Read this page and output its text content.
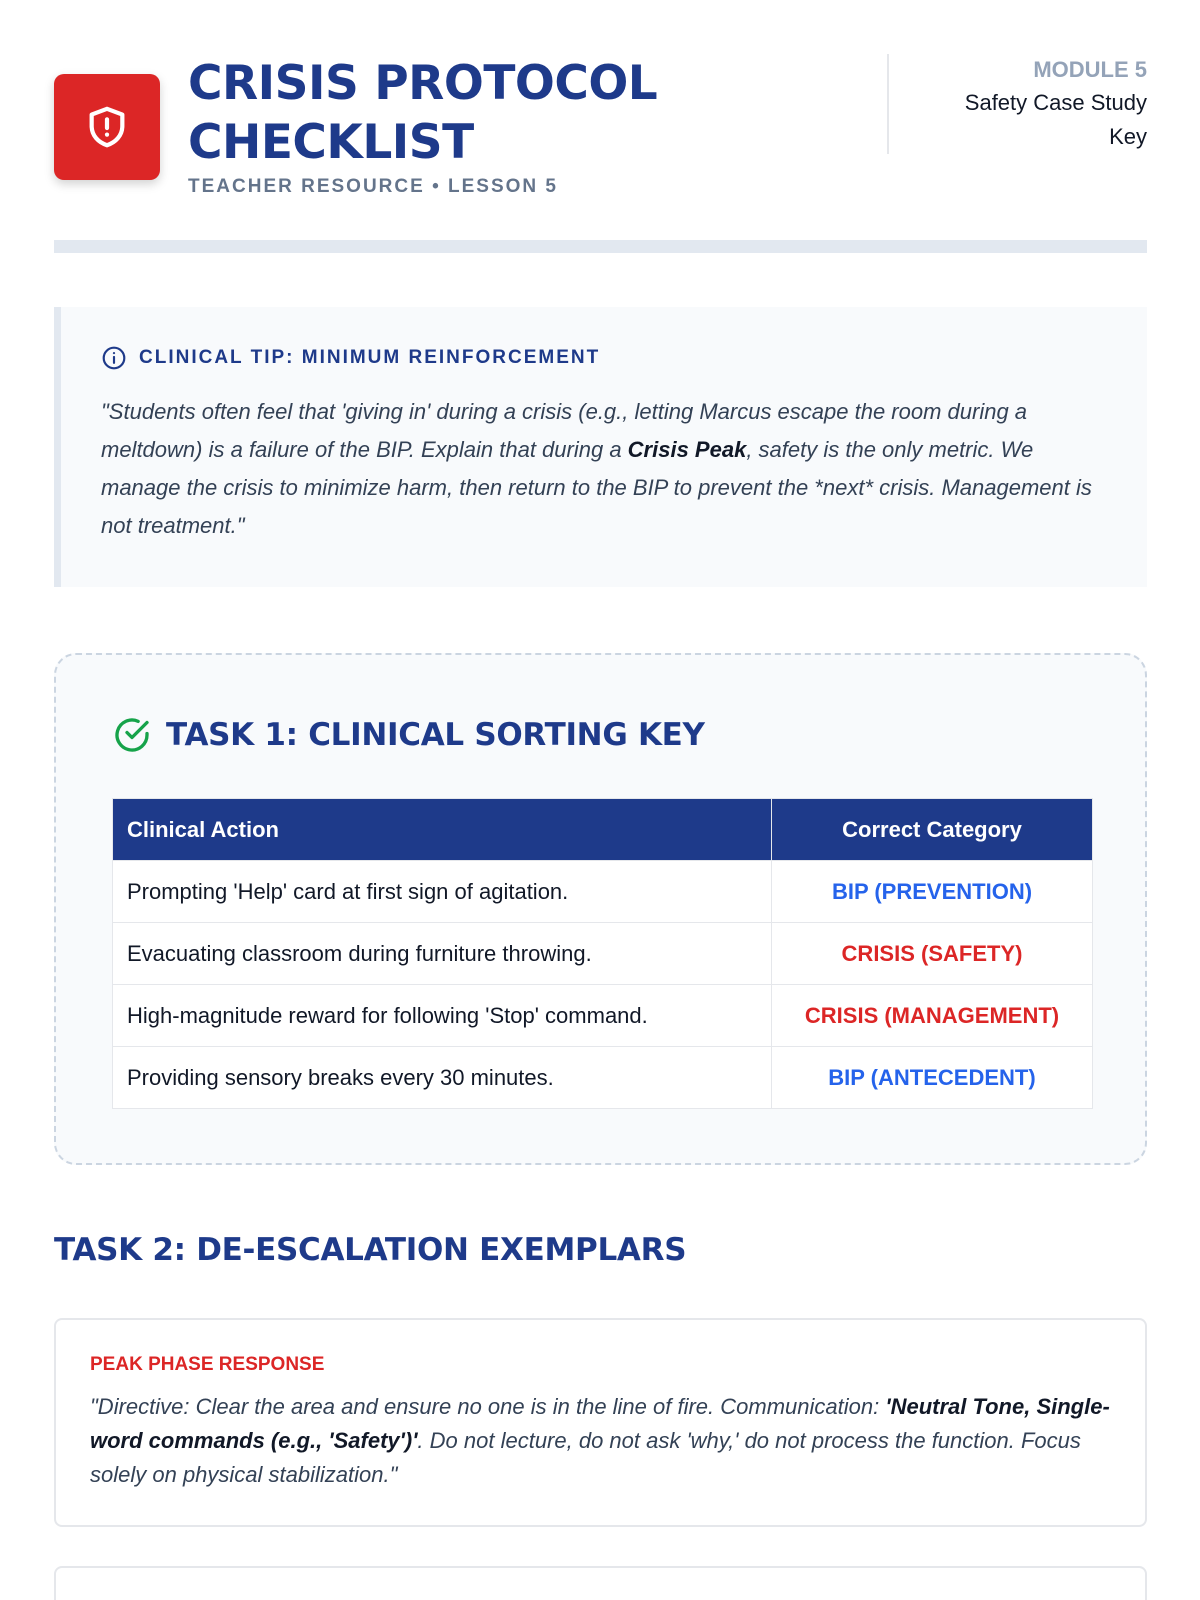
CRISIS PROTOCOL
CHECKLIST
TEACHER RESOURCE • LESSON 5
MODULE 5
Safety Case Study
Key
CLINICAL TIP: MINIMUM REINFORCEMENT

"Students often feel that 'giving in' during a crisis (e.g., letting Marcus escape the room during a meltdown) is a failure of the BIP. Explain that during a Crisis Peak, safety is the only metric. We manage the crisis to minimize harm, then return to the BIP to prevent the *next* crisis. Management is not treatment."

TASK 1: CLINICAL SORTING KEY
Clinical Action	Correct Category
Prompting 'Help' card at first sign of agitation.	BIP (PREVENTION)
Evacuating classroom during furniture throwing.	CRISIS (SAFETY)
High-magnitude reward for following 'Stop' command.	CRISIS (MANAGEMENT)
Providing sensory breaks every 30 minutes.	BIP (ANTECEDENT)
TASK 2: DE-ESCALATION EXEMPLARS
PEAK PHASE RESPONSE

"Directive: Clear the area and ensure no one is in the line of fire. Communication: 'Neutral Tone, Single-word commands (e.g., 'Safety')'. Do not lecture, do not ask 'why,' do not process the function. Focus solely on physical stabilization."
